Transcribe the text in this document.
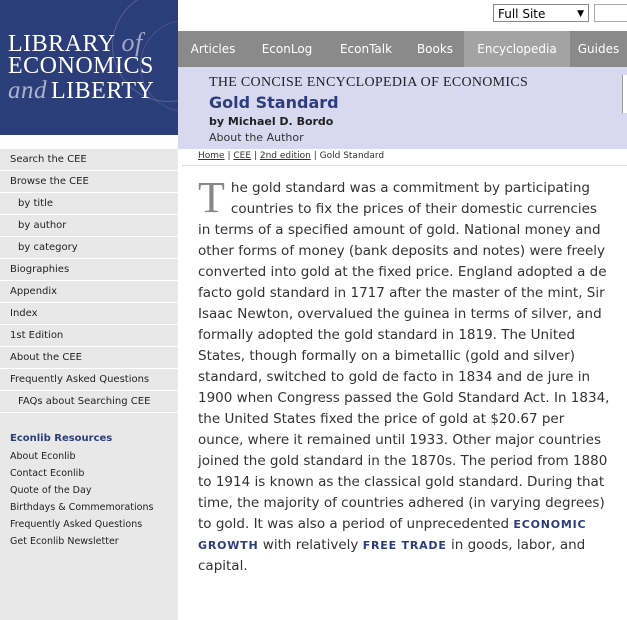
LIBRARY of
ECONOMICS
and LIBERTY
Full Site	▼
Articles	EconLog	EconTalk	Books	Encyclopedia	Guides
THE CONCISE ENCYCLOPEDIA OF ECONOMICS
Gold Standard
by Michael D. Bordo
About the Author
Search the CEE
Browse the CEE
by title
by author
by category
Biographies
Appendix
Index
1st Edition
About the CEE
Frequently Asked Questions
FAQs about Searching CEE
Econlib Resources
About Econlib
Contact Econlib
Quote of the Day
Birthdays & Commemorations
Frequently Asked Questions
Get Econlib Newsletter
Home | CEE | 2nd edition | Gold Standard
The gold standard was a commitment by participating countries to fix the prices of their domestic currencies in terms of a specified amount of gold. National money and other forms of money (bank deposits and notes) were freely converted into gold at the fixed price. England adopted a de facto gold standard in 1717 after the master of the mint, Sir Isaac Newton, overvalued the guinea in terms of silver, and formally adopted the gold standard in 1819. The United States, though formally on a bimetallic (gold and silver) standard, switched to gold de facto in 1834 and de jure in 1900 when Congress passed the Gold Standard Act. In 1834, the United States fixed the price of gold at $20.67 per ounce, where it remained until 1933. Other major countries joined the gold standard in the 1870s. The period from 1880 to 1914 is known as the classical gold standard. During that time, the majority of countries adhered (in varying degrees) to gold. It was also a period of unprecedented ECONOMIC GROWTH with relatively FREE TRADE in goods, labor, and capital.
